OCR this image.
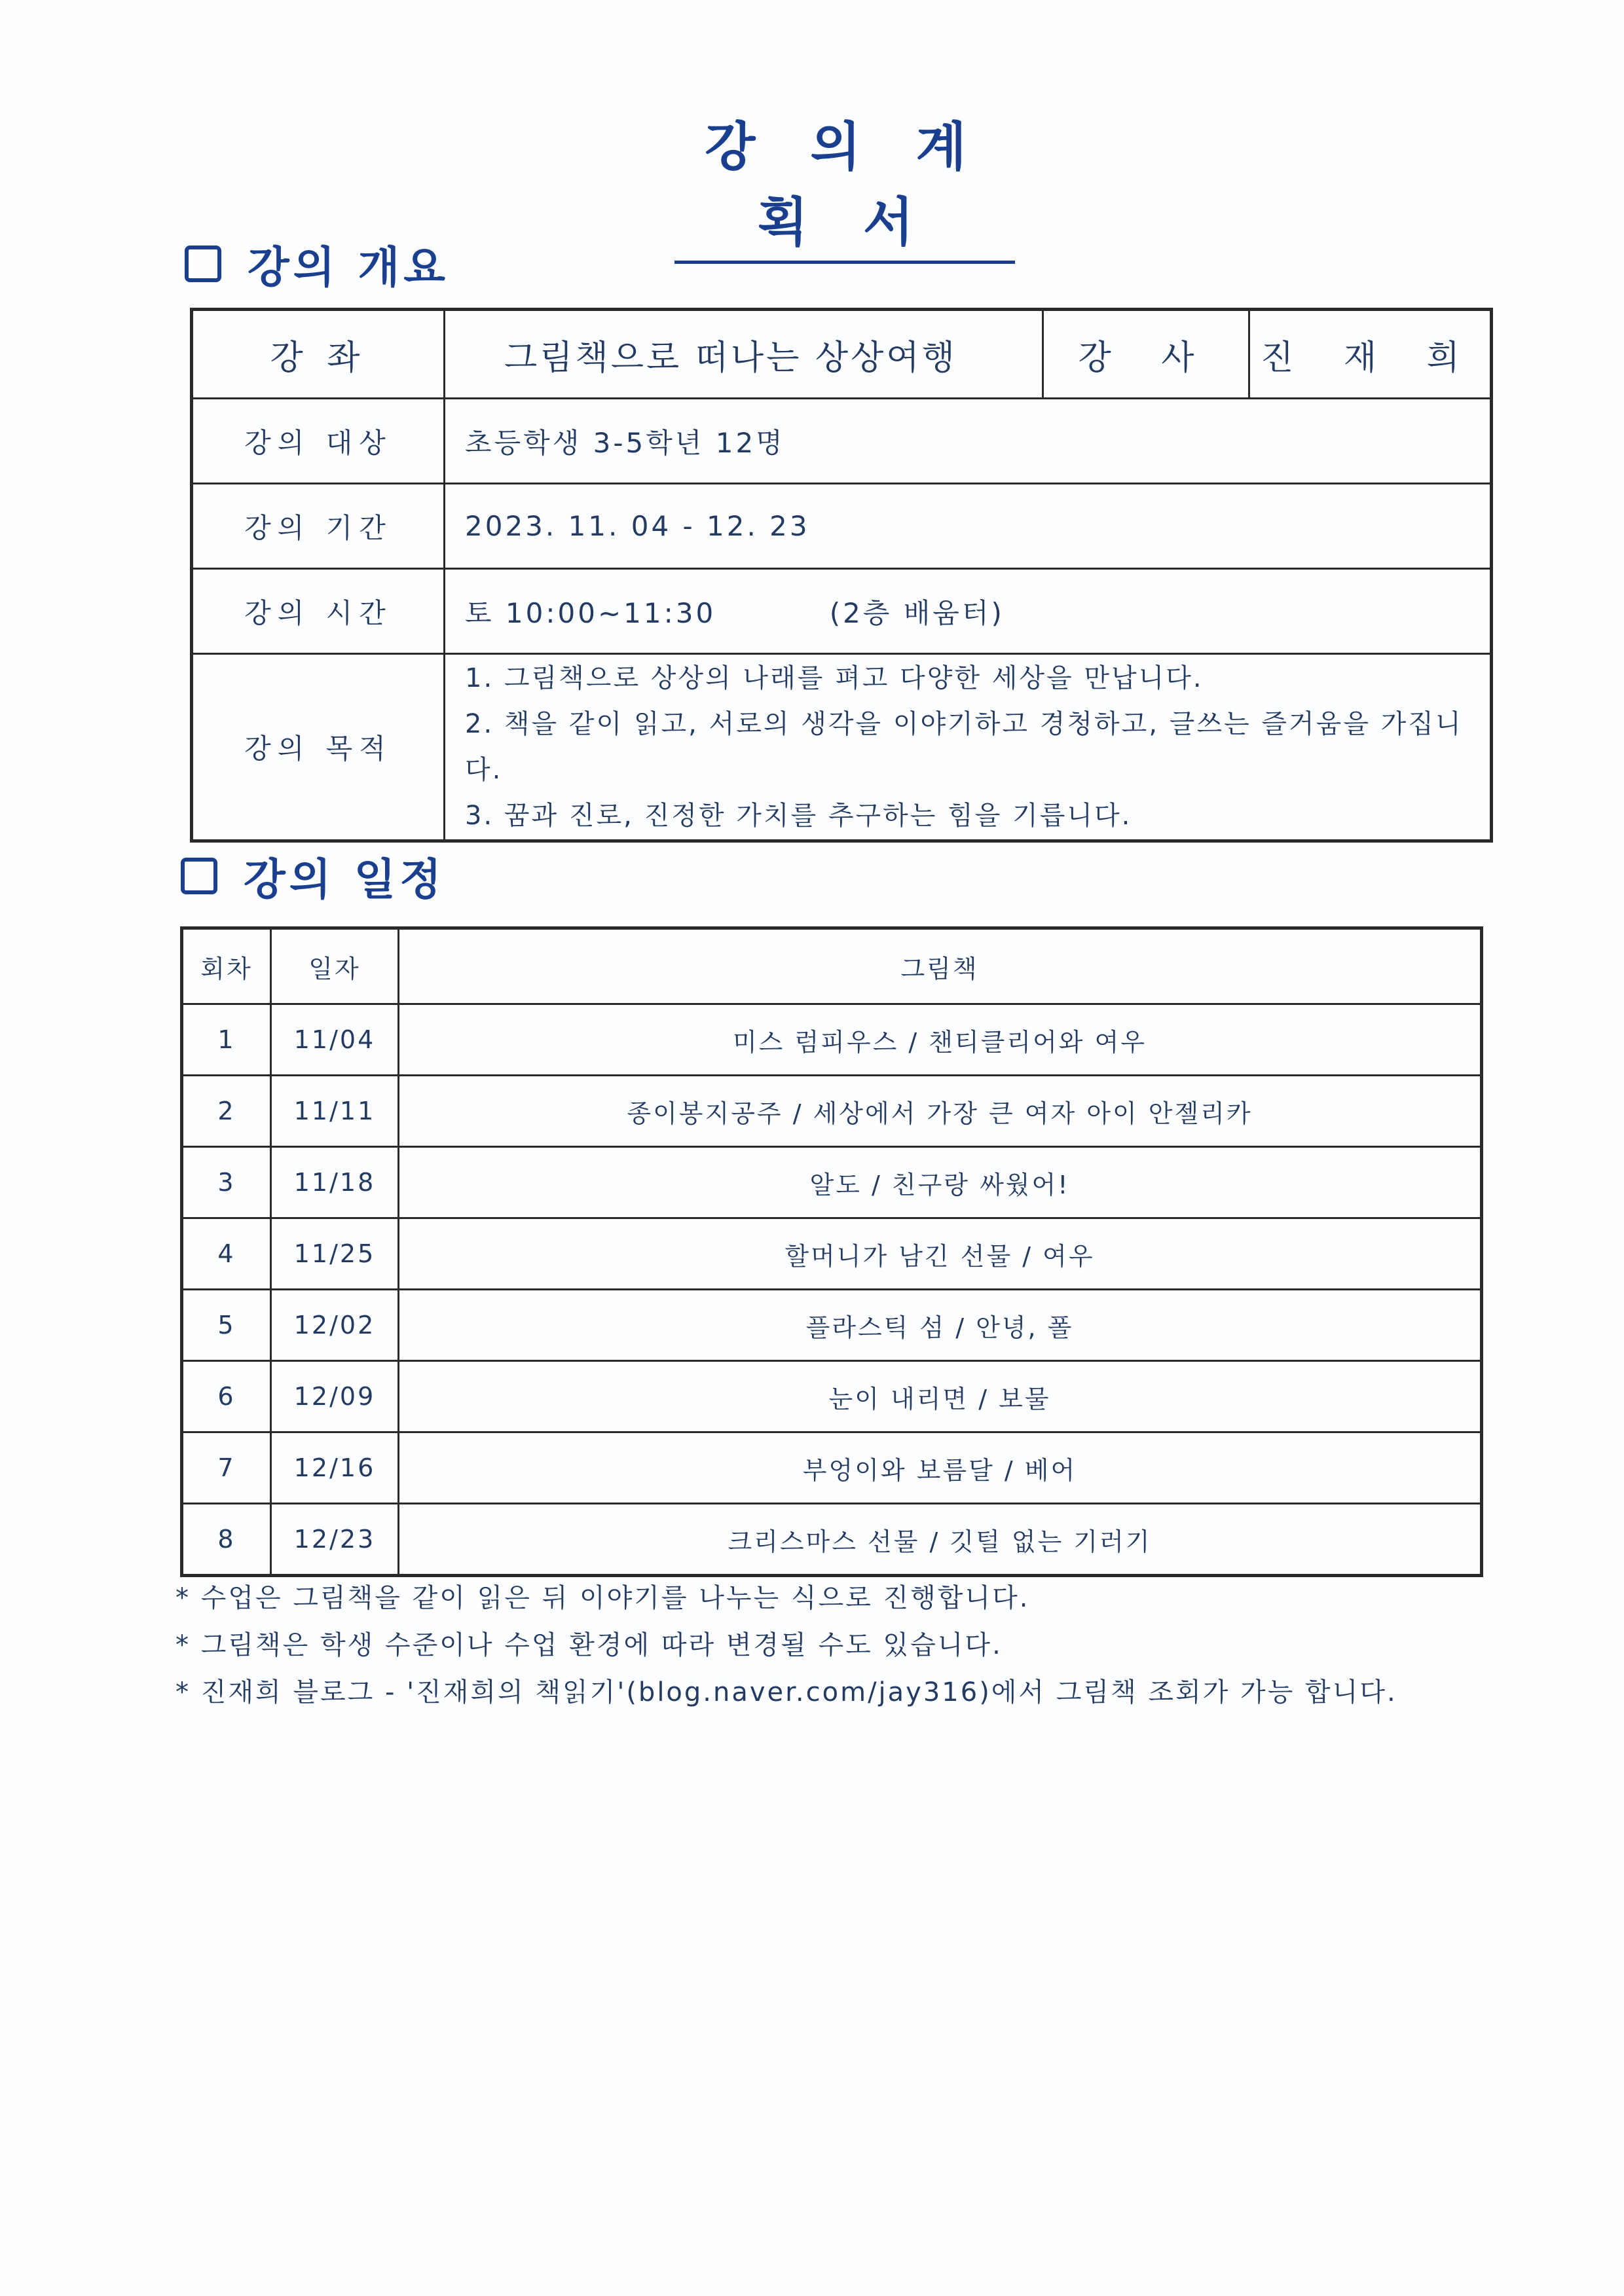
강 의 계 획 서
강의 개요
강 좌	그림책으로 떠나는 상상여행	강 사	진 재 희
강의 대상	초등학생 3-5학년 12명		
강의 기간	2023. 11. 04 - 12. 23		
강의 시간	토 10:00~11:30          (2층 배움터)		
강의 목적	1. 그림책으로 상상의 나래를 펴고 다양한 세상을 만납니다.
2. 책을 같이 읽고, 서로의 생각을 이야기하고 경청하고, 글쓰는 즐거움을 가집니다.
3. 꿈과 진로, 진정한 가치를 추구하는 힘을 기릅니다.		
강의 일정
회차	일자	그림책
1	11/04	미스 럼피우스 / 챈티클리어와 여우
2	11/11	종이봉지공주 / 세상에서 가장 큰 여자 아이 안젤리카
3	11/18	알도 / 친구랑 싸웠어!
4	11/25	할머니가 남긴 선물 / 여우
5	12/02	플라스틱 섬 / 안녕, 폴
6	12/09	눈이 내리면 / 보물
7	12/16	부엉이와 보름달 / 베어
8	12/23	크리스마스 선물 / 깃털 없는 기러기
* 수업은 그림책을 같이 읽은 뒤 이야기를 나누는 식으로 진행합니다.
* 그림책은 학생 수준이나 수업 환경에 따라 변경될 수도 있습니다.
* 진재희 블로그 - '진재희의 책읽기'(blog.naver.com/jay316)에서 그림책 조회가 가능 합니다.
